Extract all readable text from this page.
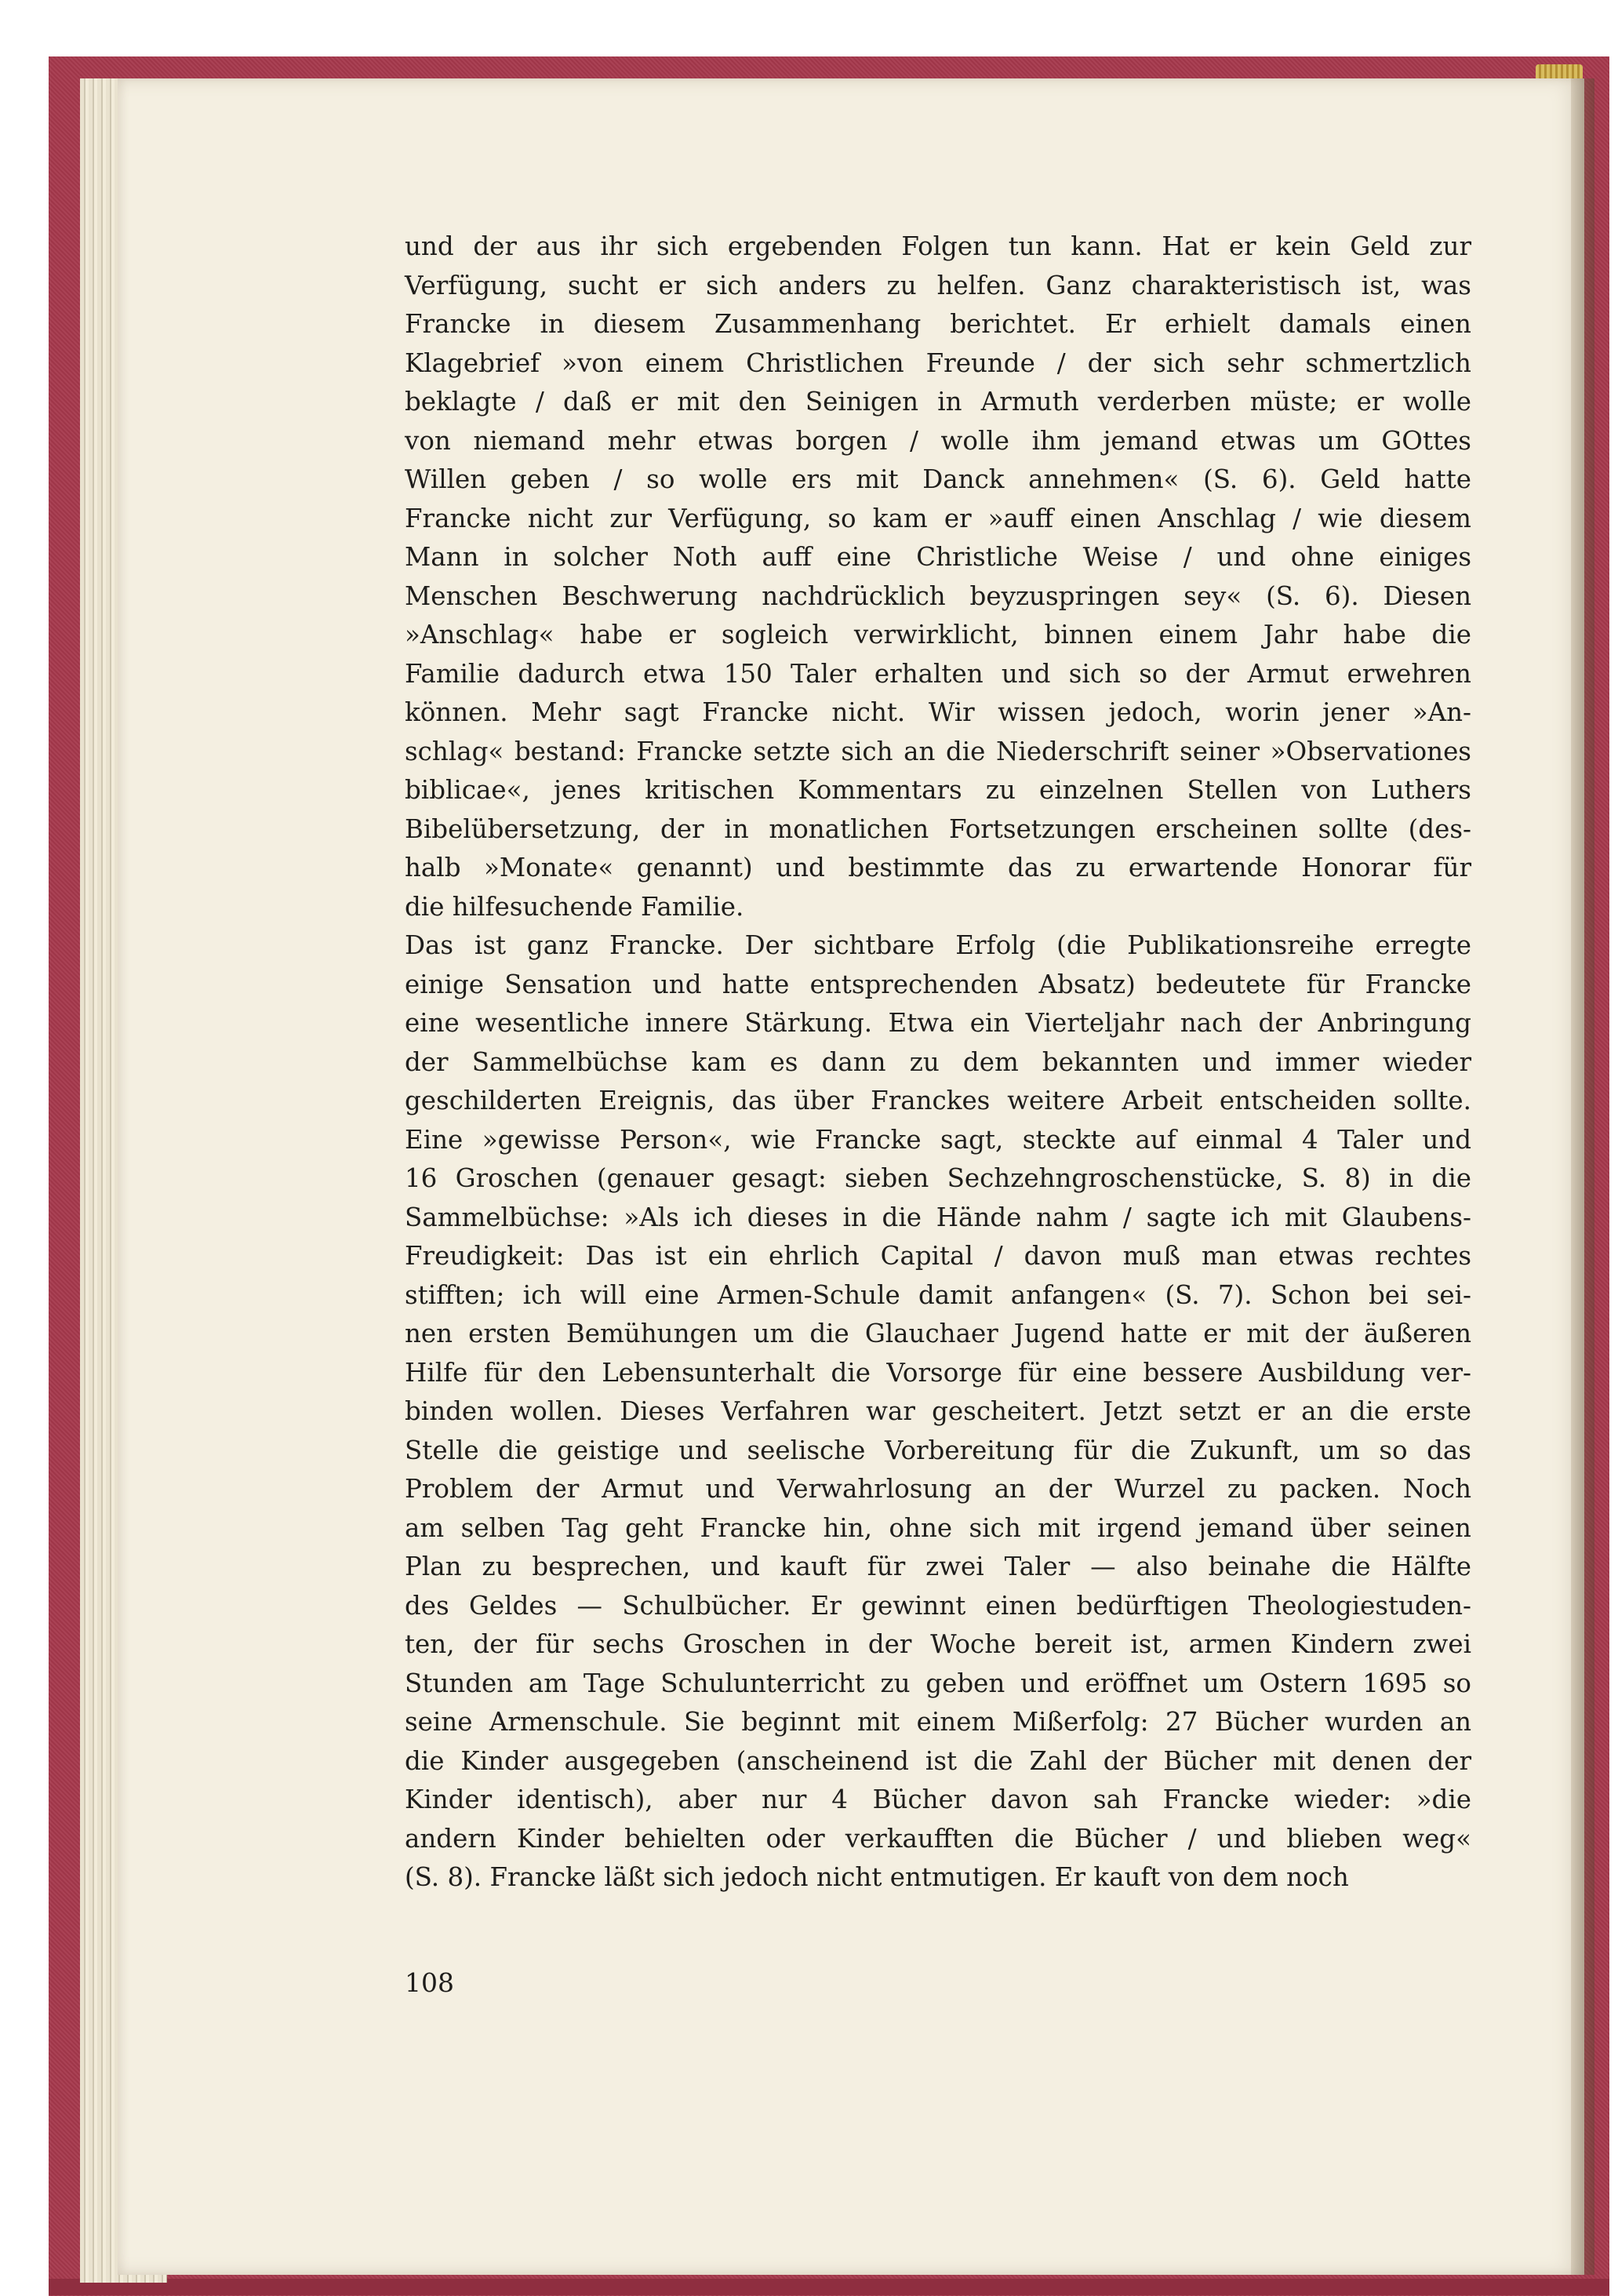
und der aus ihr sich ergebenden Folgen tun kann. Hat er kein Geld zur
Verfügung, sucht er sich anders zu helfen. Ganz charakteristisch ist, was
Francke in diesem Zusammenhang berichtet. Er erhielt damals einen
Klagebrief »von einem Christlichen Freunde / der sich sehr schmertzlich
beklagte / daß er mit den Seinigen in Armuth verderben müste; er wolle
von niemand mehr etwas borgen / wolle ihm jemand etwas um GOttes
Willen geben / so wolle ers mit Danck annehmen« (S. 6). Geld hatte
Francke nicht zur Verfügung, so kam er »auff einen Anschlag / wie diesem
Mann in solcher Noth auff eine Christliche Weise / und ohne einiges
Menschen Beschwerung nachdrücklich beyzuspringen sey« (S. 6). Diesen
»Anschlag« habe er sogleich verwirklicht, binnen einem Jahr habe die
Familie dadurch etwa 150 Taler erhalten und sich so der Armut erwehren
können. Mehr sagt Francke nicht. Wir wissen jedoch, worin jener »An-
schlag« bestand: Francke setzte sich an die Niederschrift seiner »Observationes
biblicae«, jenes kritischen Kommentars zu einzelnen Stellen von Luthers
Bibelübersetzung, der in monatlichen Fortsetzungen erscheinen sollte (des-
halb »Monate« genannt) und bestimmte das zu erwartende Honorar für
die hilfesuchende Familie.
Das ist ganz Francke. Der sichtbare Erfolg (die Publikationsreihe erregte
einige Sensation und hatte entsprechenden Absatz) bedeutete für Francke
eine wesentliche innere Stärkung. Etwa ein Vierteljahr nach der Anbringung
der Sammelbüchse kam es dann zu dem bekannten und immer wieder
geschilderten Ereignis, das über Franckes weitere Arbeit entscheiden sollte.
Eine »gewisse Person«, wie Francke sagt, steckte auf einmal 4 Taler und
16 Groschen (genauer gesagt: sieben Sechzehngroschenstücke, S. 8) in die
Sammelbüchse: »Als ich dieses in die Hände nahm / sagte ich mit Glaubens-
Freudigkeit: Das ist ein ehrlich Capital / davon muß man etwas rechtes
stifften; ich will eine Armen-Schule damit anfangen« (S. 7). Schon bei sei-
nen ersten Bemühungen um die Glauchaer Jugend hatte er mit der äußeren
Hilfe für den Lebensunterhalt die Vorsorge für eine bessere Ausbildung ver-
binden wollen. Dieses Verfahren war gescheitert. Jetzt setzt er an die erste
Stelle die geistige und seelische Vorbereitung für die Zukunft, um so das
Problem der Armut und Verwahrlosung an der Wurzel zu packen. Noch
am selben Tag geht Francke hin, ohne sich mit irgend jemand über seinen
Plan zu besprechen, und kauft für zwei Taler — also beinahe die Hälfte
des Geldes — Schulbücher. Er gewinnt einen bedürftigen Theologiestuden-
ten, der für sechs Groschen in der Woche bereit ist, armen Kindern zwei
Stunden am Tage Schulunterricht zu geben und eröffnet um Ostern 1695 so
seine Armenschule. Sie beginnt mit einem Mißerfolg: 27 Bücher wurden an
die Kinder ausgegeben (anscheinend ist die Zahl der Bücher mit denen der
Kinder identisch), aber nur 4 Bücher davon sah Francke wieder: »die
andern Kinder behielten oder verkaufften die Bücher / und blieben weg«
(S. 8). Francke läßt sich jedoch nicht entmutigen. Er kauft von dem noch
108
